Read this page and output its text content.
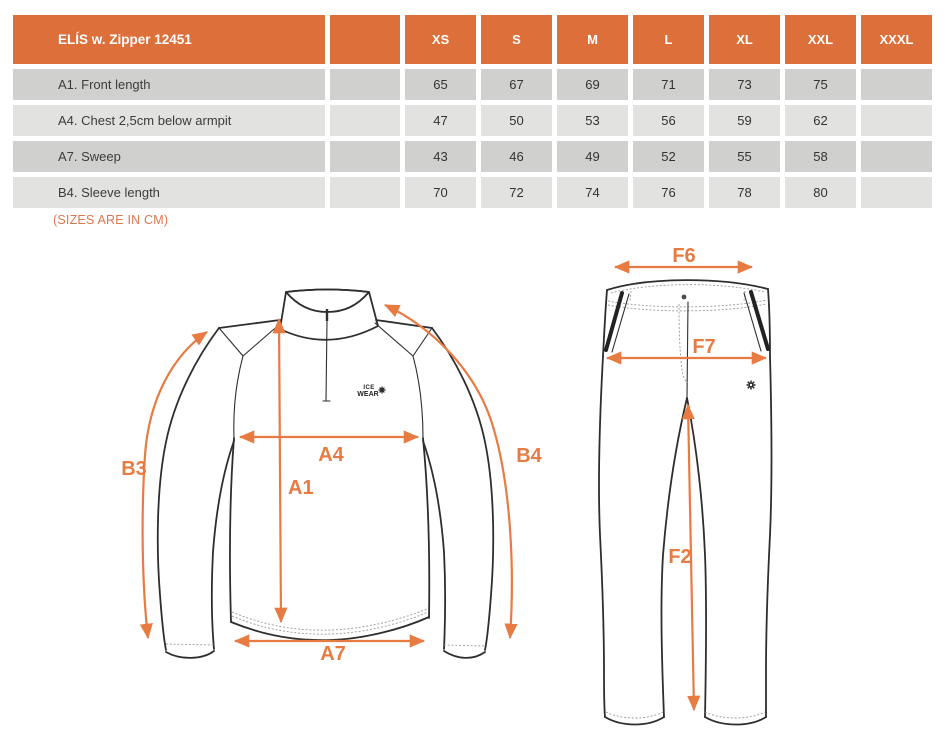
ELÍS w. Zipper 12451		XS	S	M	L	XL	XXL	XXXL
A1. Front length		65	67	69	71	73	75	
A4. Chest 2,5cm below armpit		47	50	53	56	59	62	
A7. Sweep		43	46	49	52	55	58	
B4. Sleeve length		70	72	74	76	78	80	
(SIZES ARE IN CM)
ICE
WEAR
B3
A4
A1
A7
B4
F6
F7
F2
